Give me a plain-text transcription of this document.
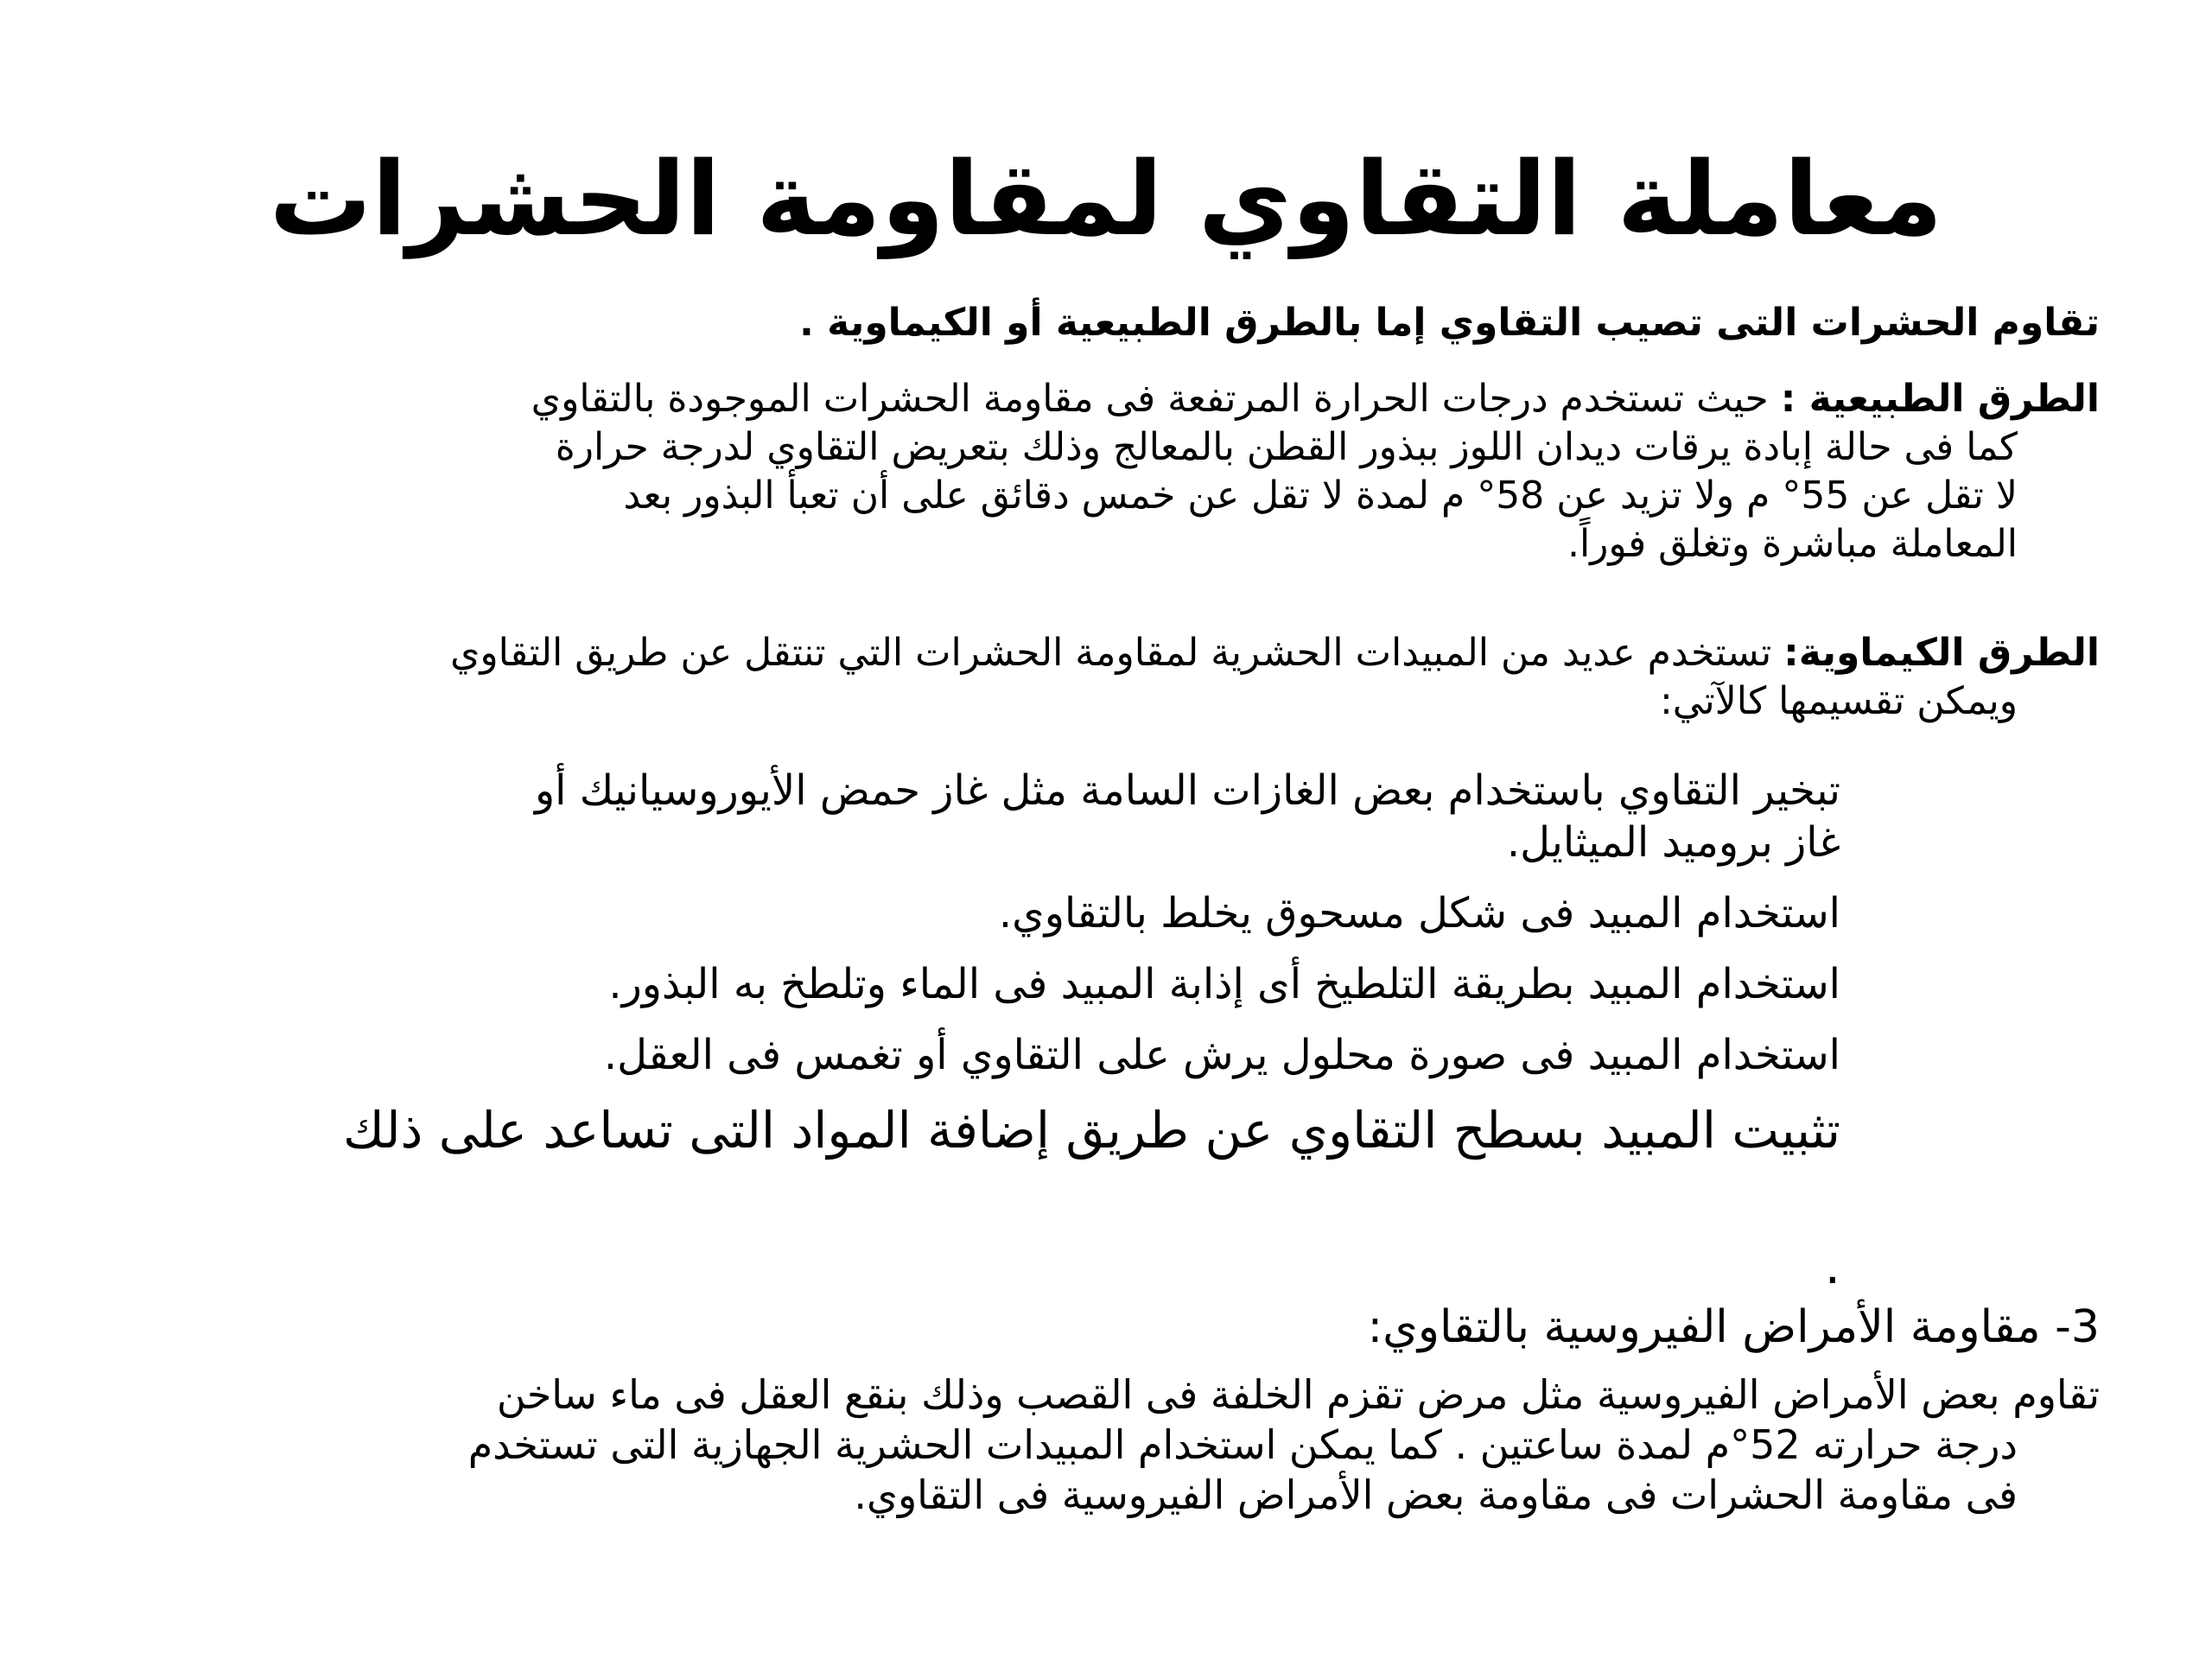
معاملة التقاوي لمقاومة الحشرات
تقاوم الحشرات التى تصيب التقاوي إما بالطرق الطبيعية أو الكيماوية .
الطرق الطبيعية : حيث تستخدم درجات الحرارة المرتفعة فى مقاومة الحشرات الموجودة بالتقاوي
كما فى حالة إبادة يرقات ديدان اللوز ببذور القطن بالمعالج وذلك بتعريض التقاوي لدرجة حرارة
لا تقل عن 55° م ولا تزيد عن 58° م لمدة لا تقل عن خمس دقائق على أن تعبأ البذور بعد
المعاملة مباشرة وتغلق فوراً.
الطرق الكيماوية: تستخدم عديد من المبيدات الحشرية لمقاومة الحشرات التي تنتقل عن طريق التقاوي
ويمكن تقسيمها كالآتي:
تبخير التقاوي باستخدام بعض الغازات السامة مثل غاز حمض الأيوروسيانيك أو
غاز بروميد الميثايل.
استخدام المبيد فى شكل مسحوق يخلط بالتقاوي.
استخدام المبيد بطريقة التلطيخ أى إذابة المبيد فى الماء وتلطخ به البذور.
استخدام المبيد فى صورة محلول يرش على التقاوي أو تغمس فى العقل.
تثبيت المبيد بسطح التقاوي عن طريق إضافة المواد التى تساعد على ذلك
.
3- مقاومة الأمراض الفيروسية بالتقاوي:
تقاوم بعض الأمراض الفيروسية مثل مرض تقزم الخلفة فى القصب وذلك بنقع العقل فى ماء ساخن
درجة حرارته 52°م لمدة ساعتين . كما يمكن استخدام المبيدات الحشرية الجهازية التى تستخدم
فى مقاومة الحشرات فى مقاومة بعض الأمراض الفيروسية فى التقاوي.
